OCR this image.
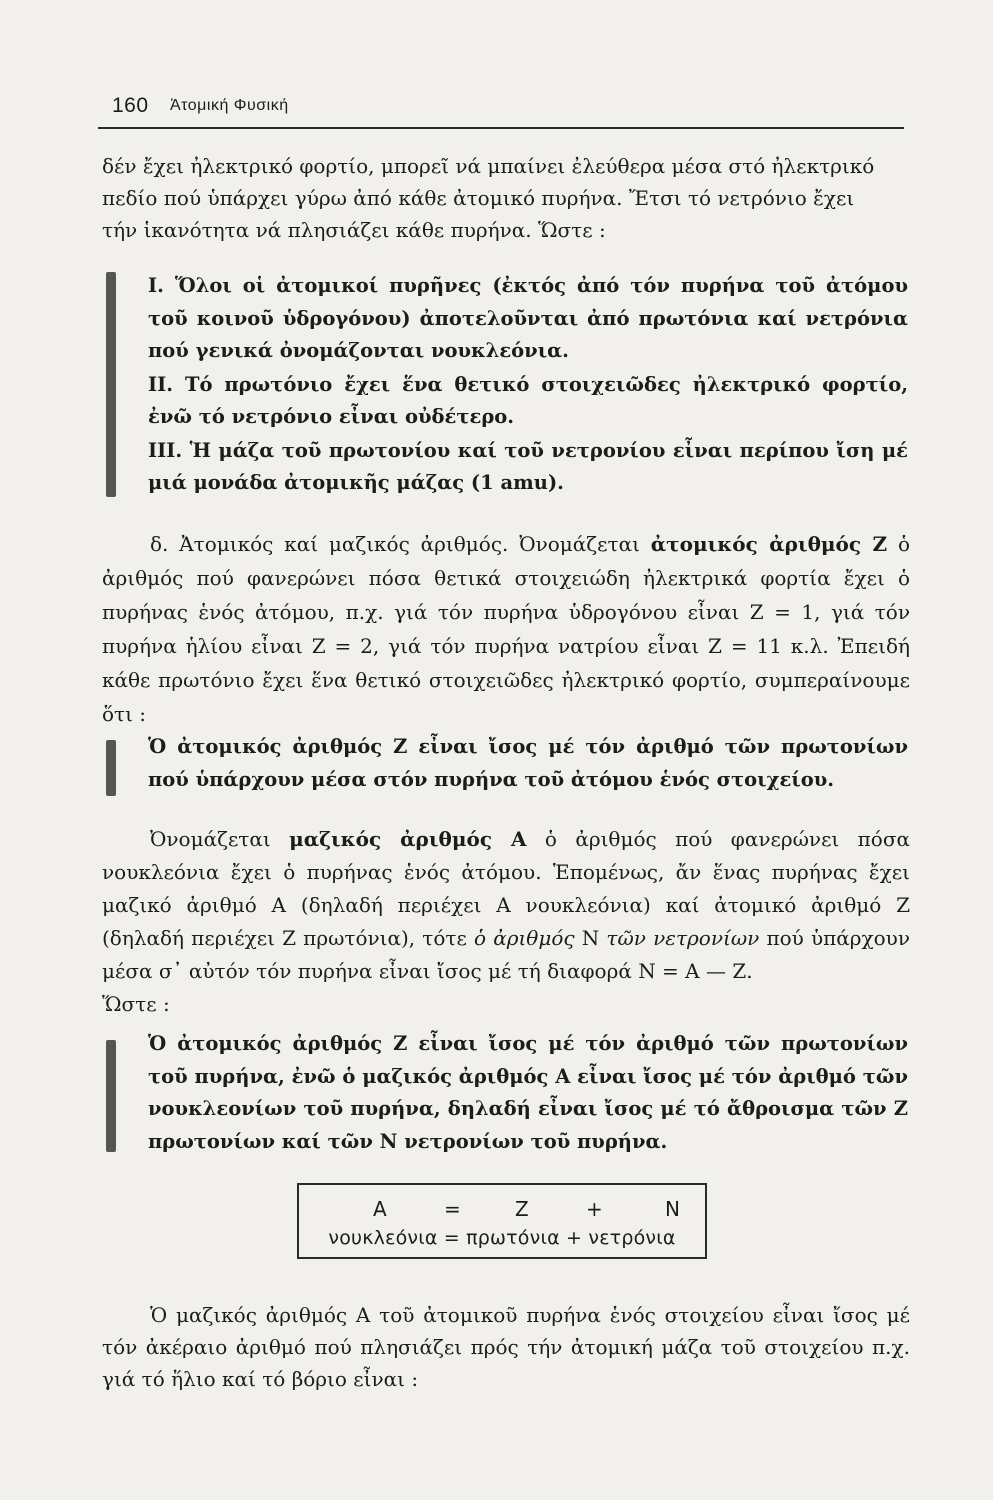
160 Ἀτομική Φυσική
δέν ἔχει ἠλεκτρικό φορτίο, μπορεῖ νά μπαίνει ἐλεύθερα μέσα στό ἠλεκτρικό
πεδίο πού ὑπάρχει γύρω ἀπό κάθε ἀτομικό πυρήνα. Ἔτσι τό νετρόνιο ἔχει
τήν ἱκανότητα νά πλησιάζει κάθε πυρήνα. Ὥστε :

I. Ὅλοι οἱ ἀτομικοί πυρῆνες (ἐκτός ἀπό τόν πυρήνα τοῦ ἀτόμου τοῦ κοινοῦ ὑδρογόνου) ἀποτελοῦνται ἀπό πρωτόνια καί νετρόνια πού γενικά ὀνομάζονται νουκλεόνια.

II. Τό πρωτόνιο ἔχει ἕνα θετικό στοιχειῶδες ἠλεκτρικό φορτίο, ἐνῶ τό νετρόνιο εἶναι οὐδέτερο.

III. Ἡ μάζα τοῦ πρωτονίου καί τοῦ νετρονίου εἶναι περίπου ἴση μέ μιά μονάδα ἀτομικῆς μάζας (1 amu).

δ. Ἀτομικός καί μαζικός ἀριθμός. Ὀνομάζεται ἀτομικός ἀριθμός Ζ ὁ ἀριθμός πού φανερώνει πόσα θετικά στοιχειώδη ἠλεκτρικά φορτία ἔχει ὁ πυρήνας ἑνός ἀτόμου, π.χ. γιά τόν πυρήνα ὑδρογόνου εἶναι Ζ = 1, γιά τόν πυρήνα ἡλίου εἶναι Ζ = 2, γιά τόν πυρήνα νατρίου εἶναι Ζ = 11 κ.λ. Ἐπειδή κάθε πρωτόνιο ἔχει ἕνα θετικό στοιχειῶδες ἠλεκτρικό φορτίο, συμπεραίνουμε ὅτι :

Ὁ ἀτομικός ἀριθμός Ζ εἶναι ἴσος μέ τόν ἀριθμό τῶν πρωτονίων πού ὑπάρχουν μέσα στόν πυρήνα τοῦ ἀτόμου ἑνός στοιχείου.

Ὀνομάζεται μαζικός ἀριθμός Α ὁ ἀριθμός πού φανερώνει πόσα νουκλεόνια ἔχει ὁ πυρήνας ἑνός ἀτόμου. Ἑπομένως, ἄν ἕνας πυρήνας ἔχει μαζικό ἀριθμό Α (δηλαδή περιέχει Α νουκλεόνια) καί ἀτομικό ἀριθμό Ζ (δηλαδή περιέχει Ζ πρωτόνια), τότε ὁ ἀριθμός Ν τῶν νετρονίων πού ὑπάρχουν μέσα σ᾽ αὐτόν τόν πυρήνα εἶναι ἴσος μέ τή διαφορά Ν = Α — Ζ.

Ὥστε :

Ὁ ἀτομικός ἀριθμός Ζ εἶναι ἴσος μέ τόν ἀριθμό τῶν πρωτονίων τοῦ πυρήνα, ἐνῶ ὁ μαζικός ἀριθμός Α εἶναι ἴσος μέ τόν ἀριθμό τῶν νουκλεονίων τοῦ πυρήνα, δηλαδή εἶναι ἴσος μέ τό ἄθροισμα τῶν Ζ πρωτονίων καί τῶν Ν νετρονίων τοῦ πυρήνα.

Α	=	Ζ	+	Ν
νουκλεόνια = πρωτόνια + νετρόνια

Ὁ μαζικός ἀριθμός Α τοῦ ἀτομικοῦ πυρήνα ἑνός στοιχείου εἶναι ἴσος μέ τόν ἀκέραιο ἀριθμό πού πλησιάζει πρός τήν ἀτομική μάζα τοῦ στοιχείου π.χ. γιά τό ἥλιο καί τό βόριο εἶναι :
